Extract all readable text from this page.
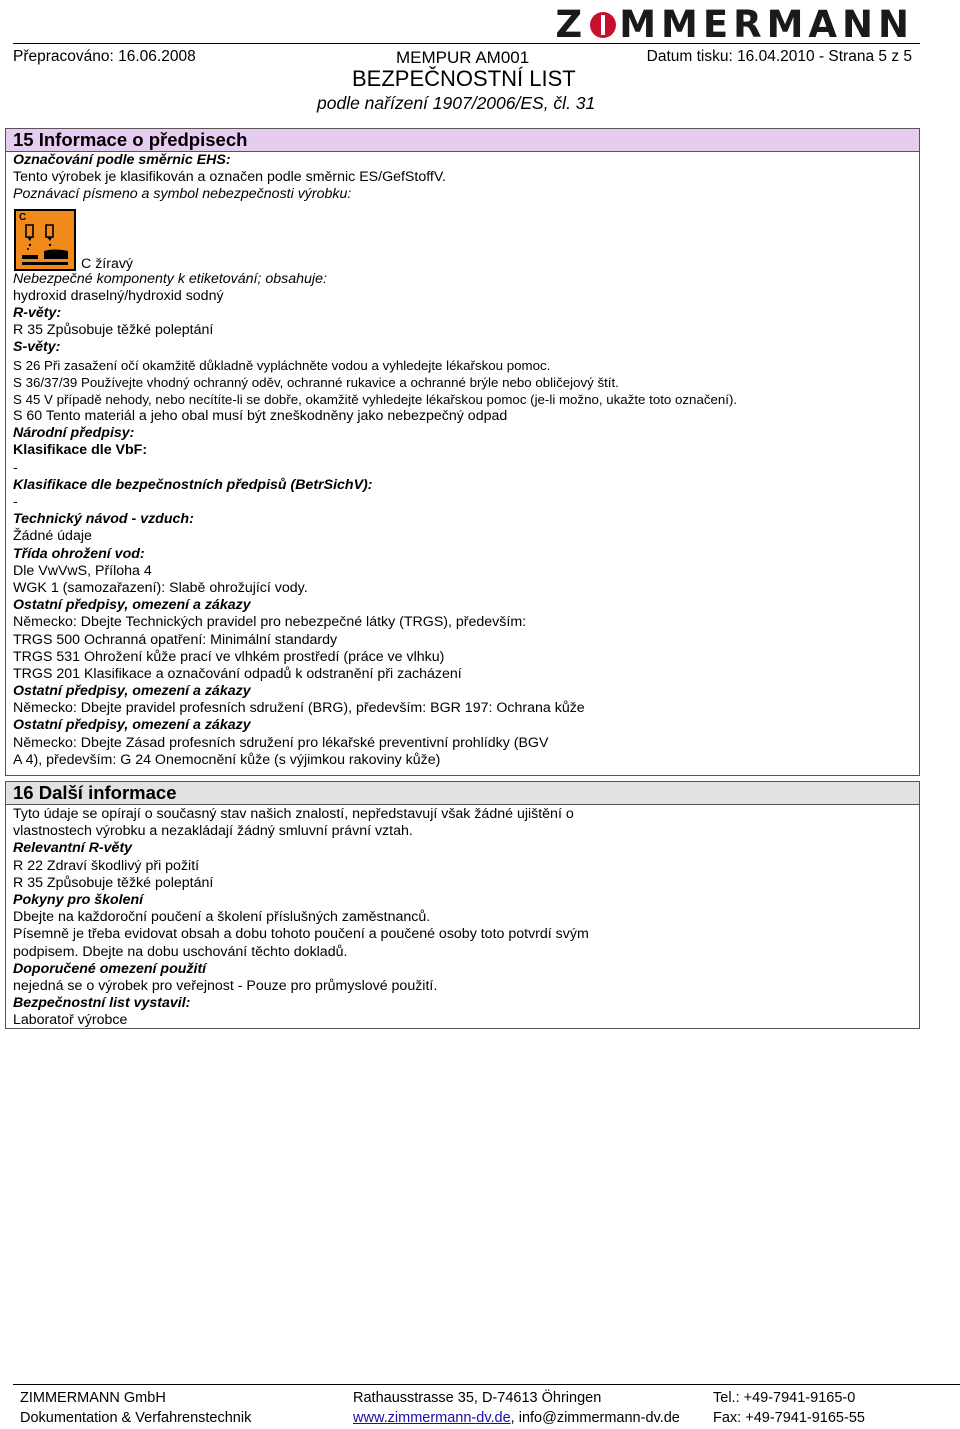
Z MMERMANN
Přepracováno: 16.06.2008	MEMPUR AM001	Datum tisku: 16.04.2010 - Strana 5 z 5
BEZPEČNOSTNÍ LIST
podle nařízení 1907/2006/ES, čl. 31
15 Informace o předpisech
Označování podle směrnic EHS:
Tento výrobek je klasifikován a označen podle směrnic ES/GefStoffV.
Poznávací písmeno a symbol nebezpečnosti výrobku:
C
C žíravý
Nebezpečné komponenty k etiketování; obsahuje:
hydroxid draselný/hydroxid sodný
R-věty:
R 35 Způsobuje těžké poleptání
S-věty:
S 26 Při zasažení očí okamžitě důkladně vypláchněte vodou a vyhledejte lékařskou pomoc.
S 36/37/39 Používejte vhodný ochranný oděv, ochranné rukavice a ochranné brýle nebo obličejový štít.
S 45 V případě nehody, nebo necítíte-li se dobře, okamžitě vyhledejte lékařskou pomoc (je-li možno, ukažte toto označení).
S 60 Tento materiál a jeho obal musí být zneškodněny jako nebezpečný odpad
Národní předpisy:
Klasifikace dle VbF:
-
Klasifikace dle bezpečnostních předpisů (BetrSichV):
-
Technický návod - vzduch:
Žádné údaje
Třída ohrožení vod:
Dle VwVwS, Příloha 4
WGK 1 (samozařazení): Slabě ohrožující vody.
Ostatní předpisy, omezení a zákazy
Německo: Dbejte Technických pravidel pro nebezpečné látky (TRGS), především:
TRGS 500 Ochranná opatření: Minimální standardy
TRGS 531 Ohrožení kůže prací ve vlhkém prostředí (práce ve vlhku)
TRGS 201 Klasifikace a označování odpadů k odstranění při zacházení
Ostatní předpisy, omezení a zákazy
Německo: Dbejte pravidel profesních sdružení (BRG), především: BGR 197: Ochrana kůže
Ostatní předpisy, omezení a zákazy
Německo: Dbejte Zásad profesních sdružení pro lékařské preventivní prohlídky (BGV
A 4), především: G 24 Onemocnění kůže (s výjimkou rakoviny kůže)
16 Další informace
Tyto údaje se opírají o současný stav našich znalostí, nepředstavují však žádné ujištění o
vlastnostech výrobku a nezakládají žádný smluvní právní vztah.
Relevantní R-věty
R 22 Zdraví škodlivý při požití
R 35 Způsobuje těžké poleptání
Pokyny pro školení
Dbejte na každoroční poučení a školení příslušných zaměstnanců.
Písemně je třeba evidovat obsah a dobu tohoto poučení a poučené osoby toto potvrdí svým
podpisem. Dbejte na dobu uschování těchto dokladů.
Doporučené omezení použití
nejedná se o výrobek pro veřejnost - Pouze pro průmyslové použití.
Bezpečnostní list vystavil:
Laboratoř výrobce
ZIMMERMANN GmbH
Dokumentation & Verfahrenstechnik
Rathausstrasse 35, D-74613 Öhringen
www.zimmermann-dv.de, info@zimmermann-dv.de
Tel.: +49-7941-9165-0
Fax: +49-7941-9165-55
